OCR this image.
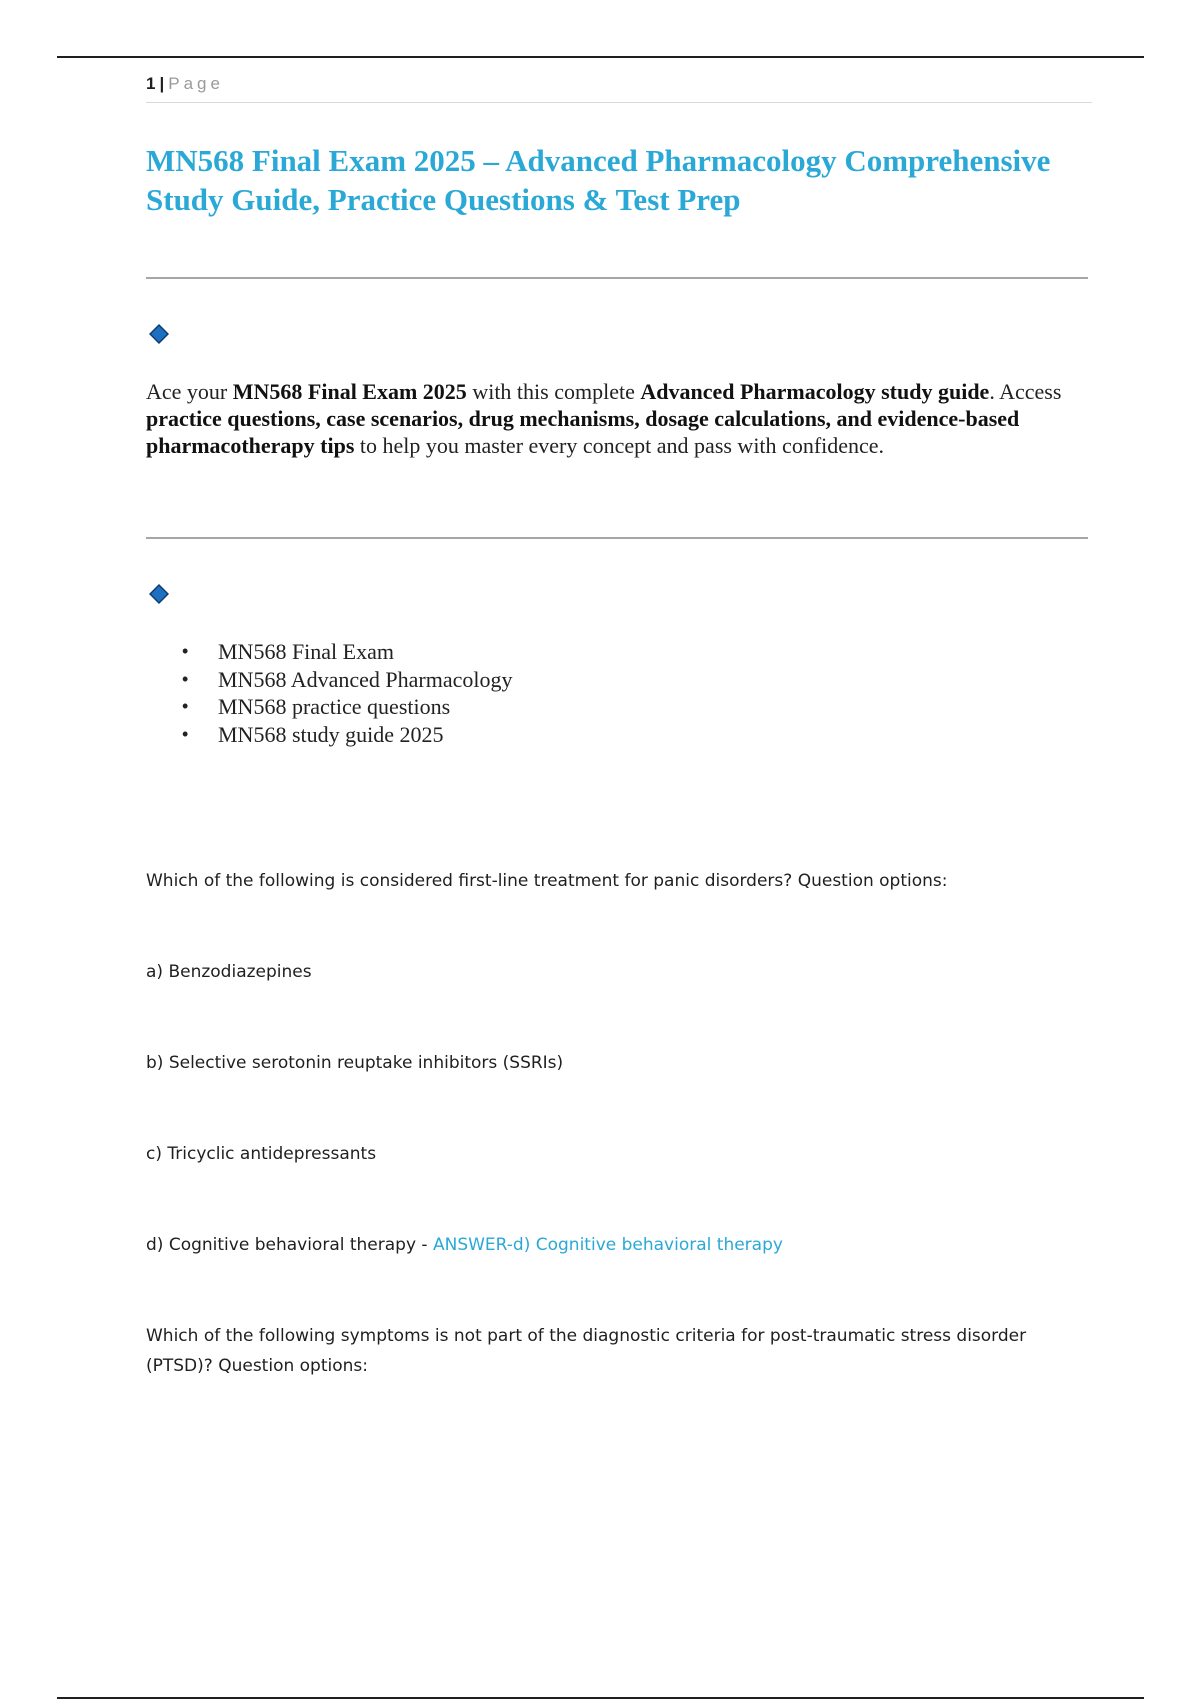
1 | Page
MN568 Final Exam 2025 – Advanced Pharmacology Comprehensive Study Guide, Practice Questions & Test Prep

Ace your MN568 Final Exam 2025 with this complete Advanced Pharmacology study guide. Access practice questions, case scenarios, drug mechanisms, dosage calculations, and evidence-based pharmacotherapy tips to help you master every concept and pass with confidence.

• MN568 Final Exam
• MN568 Advanced Pharmacology
• MN568 practice questions
• MN568 study guide 2025

Which of the following is considered first-line treatment for panic disorders? Question options:

a) Benzodiazepines

b) Selective serotonin reuptake inhibitors (SSRIs)

c) Tricyclic antidepressants

d) Cognitive behavioral therapy - ANSWER-d) Cognitive behavioral therapy

Which of the following symptoms is not part of the diagnostic criteria for post-traumatic stress disorder (PTSD)? Question options:
